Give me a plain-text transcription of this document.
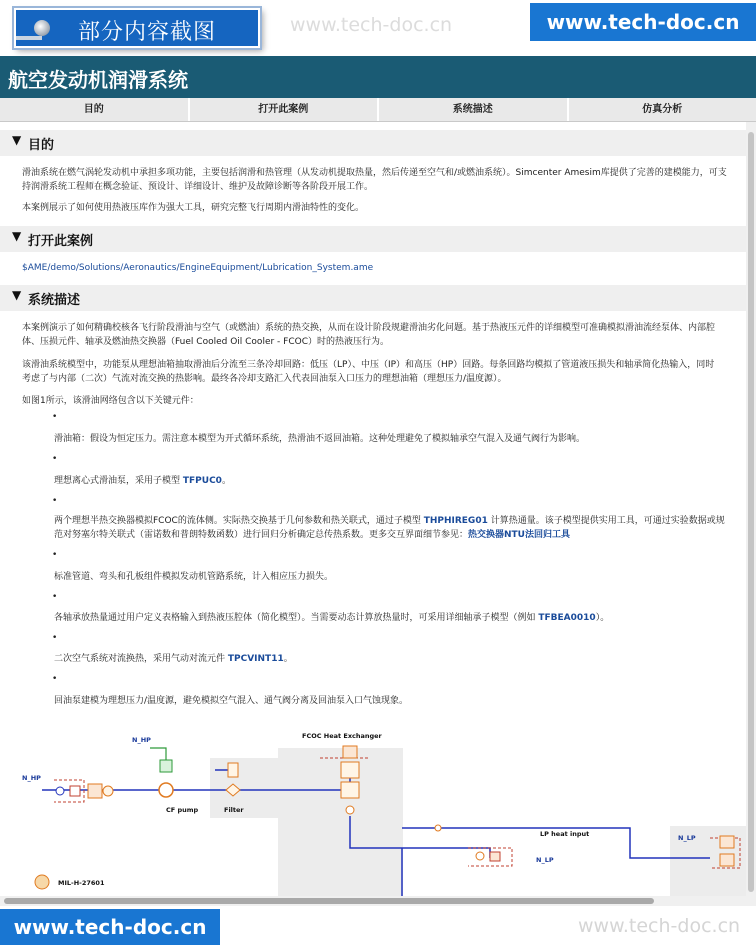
部分内容截图	www.tech-doc.cn	www.tech-doc.cn
航空发动机润滑系统
目的	打开此案例	系统描述	仿真分析
▼ 目的
滑油系统在燃气涡轮发动机中承担多项功能，主要包括润滑和热管理（从发动机提取热量，然后传递至空气和/或燃油系统）。Simcenter Amesim库提供了完善的建模能力，可支
持润滑系统工程师在概念验证、预设计、详细设计、维护及故障诊断等各阶段开展工作。
本案例展示了如何使用热液压库作为强大工具，研究完整飞行周期内滑油特性的变化。
▼ 打开此案例
$AME/demo/Solutions/Aeronautics/EngineEquipment/Lubrication_System.ame
▼ 系统描述
本案例演示了如何精确校核各飞行阶段滑油与空气（或燃油）系统的热交换，从而在设计阶段规避滑油劣化问题。基于热液压元件的详细模型可准确模拟滑油流经泵体、内部腔
体、压损元件、轴承及燃油热交换器（Fuel Cooled Oil Cooler - FCOC）时的热液压行为。
该滑油系统模型中，功能泵从理想油箱抽取滑油后分流至三条冷却回路：低压（LP）、中压（IP）和高压（HP）回路。每条回路均模拟了管道液压损失和轴承简化热输入，同时
考虑了与内部（二次）气流对流交换的热影响。最终各冷却支路汇入代表回油泵入口压力的理想油箱（理想压力/温度源）。
如图1所示，该滑油网络包含以下关键元件：
•
滑油箱：假设为恒定压力。需注意本模型为开式循环系统，热滑油不返回油箱。这种处理避免了模拟轴承空气混入及通气阀行为影响。
•
理想离心式滑油泵，采用子模型 TFPUC0。
•
两个理想半热交换器模拟FCOC的流体侧。实际热交换基于几何参数和热关联式，通过子模型 THPHIREG01 计算热通量。该子模型提供实用工具，可通过实验数据或规
范对努塞尔特关联式（雷诺数和普朗特数函数）进行回归分析确定总传热系数。更多交互界面细节参见：热交换器NTU法回归工具
•
标准管道、弯头和孔板组件模拟发动机管路系统，计入相应压力损失。
•
各轴承放热量通过用户定义表格输入到热液压腔体（简化模型）。当需要动态计算放热量时，可采用详细轴承子模型（例如 TFBEA0010）。
•
二次空气系统对流换热，采用气动对流元件 TPCVINT11。
•
回油泵建模为理想压力/温度源，避免模拟空气混入、通气阀分离及回油泵入口气蚀现象。
N_HP
N_HP
FCOC Heat Exchanger
CF pump	Filter
LP heat input
N_LP
N_LP
MIL-H-27601
www.tech-doc.cn	www.tech-doc.cn
